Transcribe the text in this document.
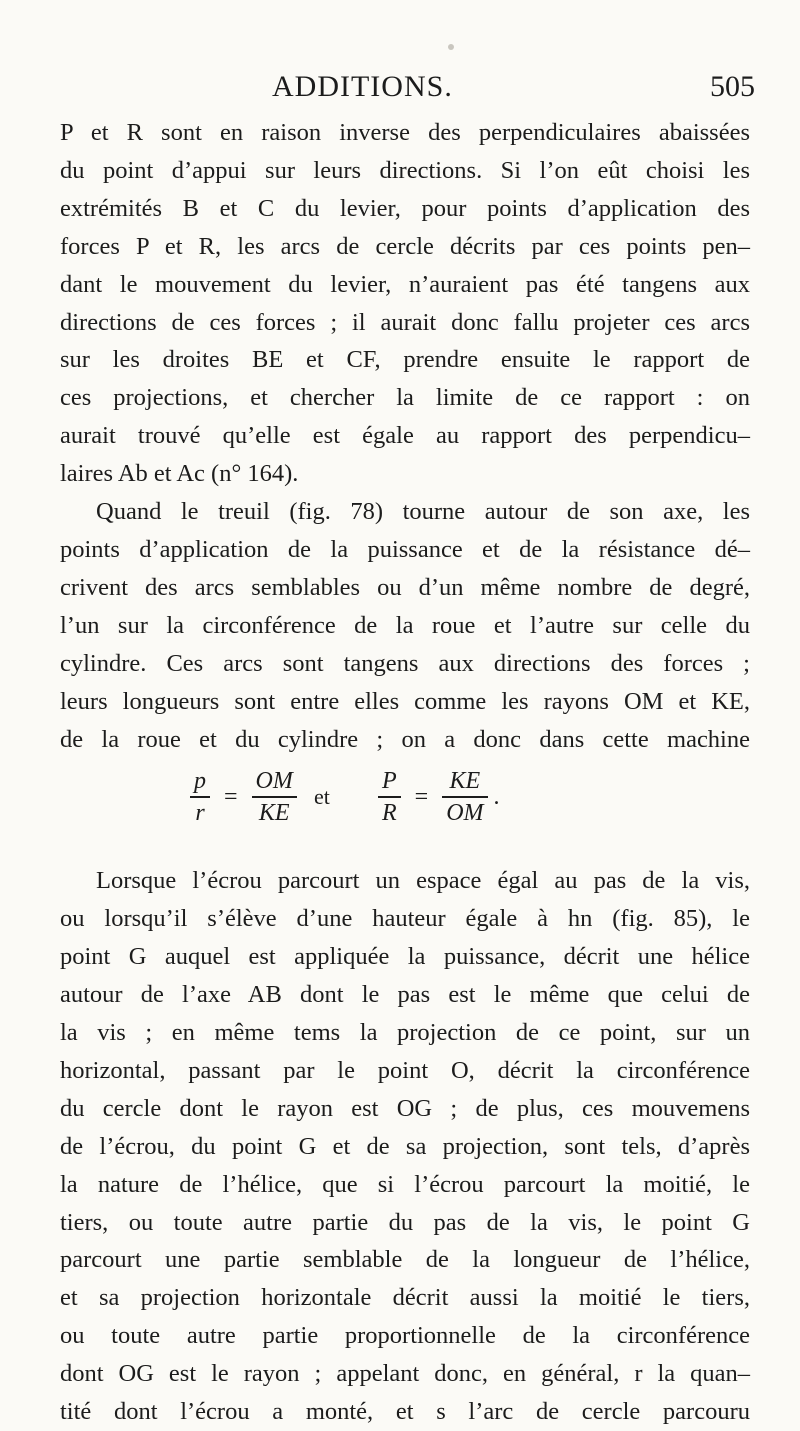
ADDITIONS.	505

P et R sont en raison inverse des perpendiculaires abaissées
du point d’appui sur leurs directions. Si l’on eût choisi les
extrémités B et C du levier, pour points d’application des
forces P et R, les arcs de cercle décrits par ces points pen–
dant le mouvement du levier, n’auraient pas été tangens aux
directions de ces forces ; il aurait donc fallu projeter ces arcs
sur les droites BE et CF, prendre ensuite le rapport de
ces projections, et chercher la limite de ce rapport : on
aurait trouvé qu’elle est égale au rapport des perpendicu–
laires Ab et Ac (n° 164).

Quand le treuil (fig. 78) tourne autour de son axe, les
points d’application de la puissance et de la résistance dé–
crivent des arcs semblables ou d’un même nombre de degré,
l’un sur la circonférence de la roue et l’autre sur celle du
cylindre. Ces arcs sont tangens aux directions des forces ;
leurs longueurs sont entre elles comme les rayons OM et KE,
de la roue et du cylindre ; on a donc dans cette machine

$\frac{p}{r} = \frac{OM}{KE}$ et $\frac{P}{R} = \frac{KE}{OM}$ .

Lorsque l’écrou parcourt un espace égal au pas de la vis,
ou lorsqu’il s’élève d’une hauteur égale à hn (fig. 85), le
point G auquel est appliquée la puissance, décrit une hélice
autour de l’axe AB dont le pas est le même que celui de
la vis ; en même tems la projection de ce point, sur un
horizontal, passant par le point O, décrit la circonférence
du cercle dont le rayon est OG ; de plus, ces mouvemens
de l’écrou, du point G et de sa projection, sont tels, d’après
la nature de l’hélice, que si l’écrou parcourt la moitié, le
tiers, ou toute autre partie du pas de la vis, le point G
parcourt une partie semblable de la longueur de l’hélice,
et sa projection horizontale décrit aussi la moitié le tiers,
ou toute autre partie proportionnelle de la circonférence
dont OG est le rayon ; appelant donc, en général, r la quan–
tité dont l’écrou a monté, et s l’arc de cercle parcouru
